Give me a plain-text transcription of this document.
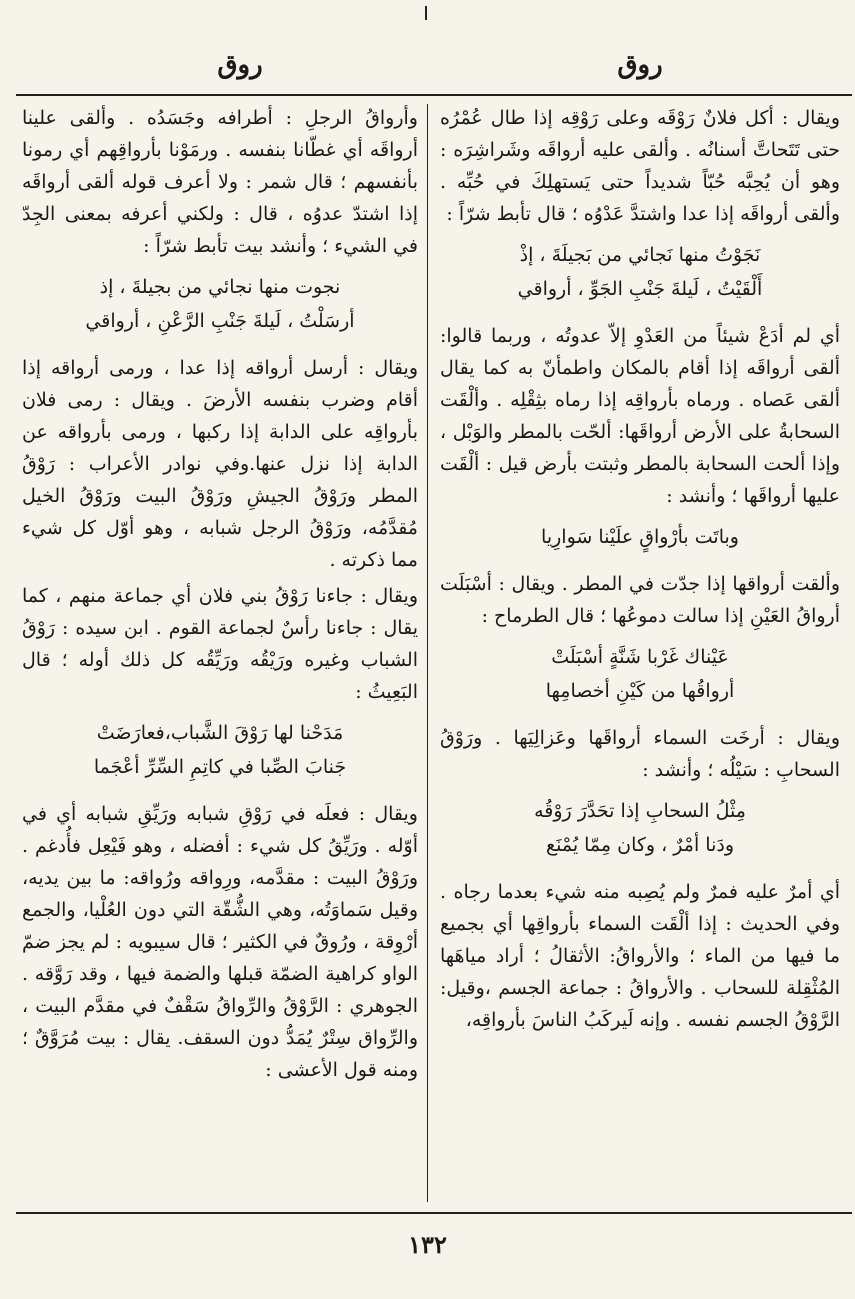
روق
روق

ويقال : أكل فلانٌ رَوْقَه وعلى رَوْقِه إذا طال عُمْرُه حتى تَتَحاتَّ أسنانُه . وألقى عليه أرواقَه وشَراشِرَه : وهو أن يُحِبَّه حُبّاً شديداً حتى يَستهلِكَ في حُبِّه . وألقى أرواقَه إذا عدا واشتدَّ عَدْوُه ؛ قال تأبط شرّاً :

نَجَوْتُ منها نَجائي من بَجيلَةَ ، إذْ
أَلْقَيْتُ ، لَيلةَ جَنْبِ الجَوِّ ، أرواقي

أي لم أدَعْ شيئاً من العَدْوِ إلاّ عدوتُه ، وربما قالوا: ألقى أرواقَه إذا أقام بالمكان واطمأنّ به كما يقال ألقى عَصاه . ورماه بأرواقِه إذا رماه بثِقْلِه . وألْقَت السحابةُ على الأرض أرواقَها: ألحّت بالمطر والوَبْل ، وإذا ألحت السحابة بالمطر وثبتت بأرض قيل : ألْقَت عليها أرواقَها ؛ وأنشد :

وباتَت بأرْواقٍ علَيْنا سَوارِيا

وألقت أرواقها إذا جدّت في المطر . ويقال : أسْبَلَت أرواقُ العَيْنِ إذا سالت دموعُها ؛ قال الطرماح :

عَيْناك غَرْبا شَنَّةٍ أسْبَلَتْ
أرواقُها من كَيْنِ أخصامِها

ويقال : أرخَت السماء أرواقَها وعَزالِيَها . ورَوْقُ السحابِ : سَيْلُه ؛ وأنشد :

مِثْلُ السحابِ إذا تحَدَّرَ رَوْقُه
ودَنا أمْرٌ ، وكان مِمّا يُمْنَع

أي أمرٌ عليه فمرٌ ولم يُصِبه منه شيء بعدما رجاه . وفي الحديث : إذا ألْقَت السماء بأرواقِها أي بجميع ما فيها من الماء ؛ والأرواقُ: الأثقالُ ؛ أراد مياهَها المُثْقِلة للسحاب . والأرواقُ : جماعة الجسم ،وقيل: الرَّوْقُ الجسم نفسه . وإنه لَيركَبُ الناسَ بأرواقِه،

وأرواقُ الرجلِ : أطرافه وجَسَدُه . وألقى علينا أرواقَه أي غطّانا بنفسه . ورمَوْنا بأرواقِهم أي رمونا بأنفسهم ؛ قال شمر : ولا أعرف قوله ألقى أرواقَه إذا اشتدّ عدوُه ، قال : ولكني أعرفه بمعنى الجِدّ في الشيء ؛ وأنشد بيت تأبط شرّاً :

نجوت منها نجائي من بجيلةَ ، إذ
أرسَلْتُ ، لَيلةَ جَنْبِ الرَّعْنِ ، أرواقي

ويقال : أرسل أرواقه إذا عدا ، ورمى أرواقه إذا أقام وضرب بنفسه الأرضَ . ويقال : رمى فلان بأرواقِه على الدابة إذا ركبها ، ورمى بأرواقه عن الدابة إذا نزل عنها.وفي نوادر الأعراب : رَوْقُ المطر ورَوْقُ الجيشِ ورَوْقُ البيت ورَوْقُ الخيل مُقدَّمُه، ورَوْقُ الرجل شبابه ، وهو أوّل كل شيء مما ذكرته .

ويقال : جاءنا رَوْقُ بني فلان أي جماعة منهم ، كما يقال : جاءنا رأسٌ لجماعة القوم . ابن سيده : رَوْقُ الشباب وغيره ورَيْقُه ورَيِّقُه كل ذلك أوله ؛ قال البَعِيثُ :

مَدَحْنا لها رَوْقَ الشَّباب،فعارَضَتْ
جَنابَ الصِّبا في كاتِمِ السِّرِّ أعْجَما

ويقال : فعلَه في رَوْقِ شبابه ورَيِّقِ شبابه أي في أوّله . ورَيِّقُ كل شيء : أفضله ، وهو فَيْعِل فأُدغم . ورَوْقُ البيت : مقدَّمه، ورِواقه ورُواقه: ما بين يديه، وقيل سَماوَتُه، وهي الشُّقّة التي دون العُلْيا، والجمع أرْوِقة ، ورُوقٌ في الكثير ؛ قال سيبويه : لم يجز ضمّ الواو كراهية الضمّة قبلها والضمة فيها ، وقد رَوَّقه . الجوهري : الرَّوْقُ والرِّواقُ سَقْفٌ في مقدَّم البيت ، والرِّواق سِتْرٌ يُمَدُّ دون السقف. يقال : بيت مُرَوَّقٌ ؛ ومنه قول الأعشى :

١٣٢
